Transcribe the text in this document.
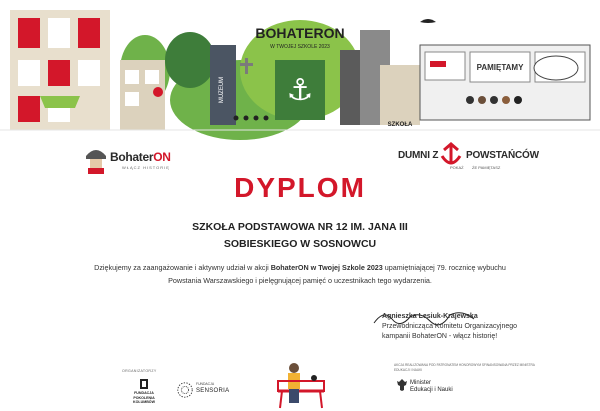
⚓
MUZEUM
SZKOŁA
PAMIĘTAMY
BOHATERON
W TWOJEJ SZKOLE 2023
BohaterON
WŁĄCZ HISTORIĘ
DUMNI Z	POWSTAŃCÓW
POKAŻ ŻE PAMIĘTASZ
DYPLOM
SZKOŁA PODSTAWOWA NR 12 IM. JANA III
SOBIESKIEGO W SOSNOWCU
Dziękujemy za zaangażowanie i aktywny udział w akcji BohaterON w Twojej Szkole 2023 upamiętniającej 79. rocznicę wybuchu
Powstania Warszawskiego i pielęgnującej pamięć o uczestnikach tego wydarzenia.
Agnieszka Lesiuk-Krajewska
Przewodnicząca Komitetu Organizacyjnego
kampanii BohaterON - włącz historię!
ORGANIZATORZY
FUNDACJA
POKOLENIA KOLUMBÓW
FUNDACJA
SENSORIA
AKCJA REALIZOWANA POD PATRONATEM HONOROWYM SFINANSOWANA PRZEZ MINISTRA EDUKACJI I NAUKI
Minister
Edukacji i Nauki
